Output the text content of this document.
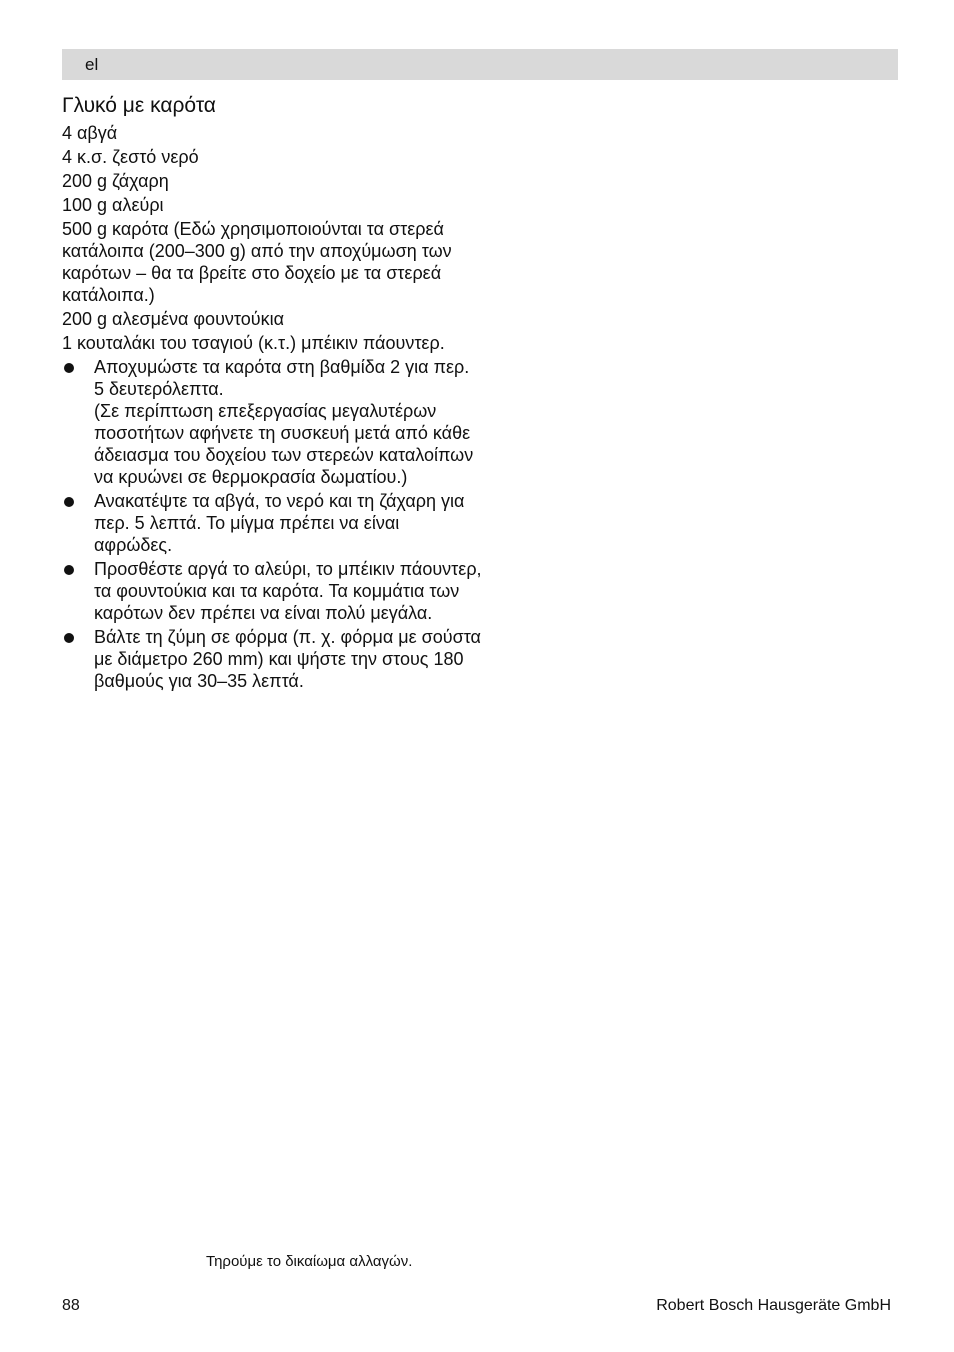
el
Γλυκό με καρότα
4 αβγά
4 κ.σ. ζεστό νερό
200 g ζάχαρη
100 g αλεύρι
500 g καρότα (Εδώ χρησιμοποιούνται τα στερεά κατάλοιπα (200–300 g) από την αποχύμωση των καρότων – θα τα βρείτε στο δοχείο με τα στερεά κατάλοιπα.)
200 g αλεσμένα φουντούκια
1 κουταλάκι του τσαγιού (κ.τ.) μπέικιν πάουντερ.
Αποχυμώστε τα καρότα στη βαθμίδα 2 για περ. 5 δευτερόλεπτα.
(Σε περίπτωση επεξεργασίας μεγαλυτέρων ποσοτήτων αφήνετε τη συσκευή μετά από κάθε άδειασμα του δοχείου των στερεών καταλοίπων να κρυώνει σε θερμοκρασία δωματίου.)
Ανακατέψτε τα αβγά, το νερό και τη ζάχαρη για περ. 5 λεπτά. Το μίγμα πρέπει να είναι αφρώδες.
Προσθέστε αργά το αλεύρι, το μπέικιν πάουντερ, τα φουντούκια και τα καρότα. Τα κομμάτια των καρότων δεν πρέπει να είναι πολύ μεγάλα.
Βάλτε τη ζύμη σε φόρμα (π. χ. φόρμα με σούστα με διάμετρο 260 mm) και ψήστε την στους 180 βαθμούς για 30–35 λεπτά.
Τηρούμε το δικαίωμα αλλαγών.
88	Robert Bosch Hausgeräte GmbH
